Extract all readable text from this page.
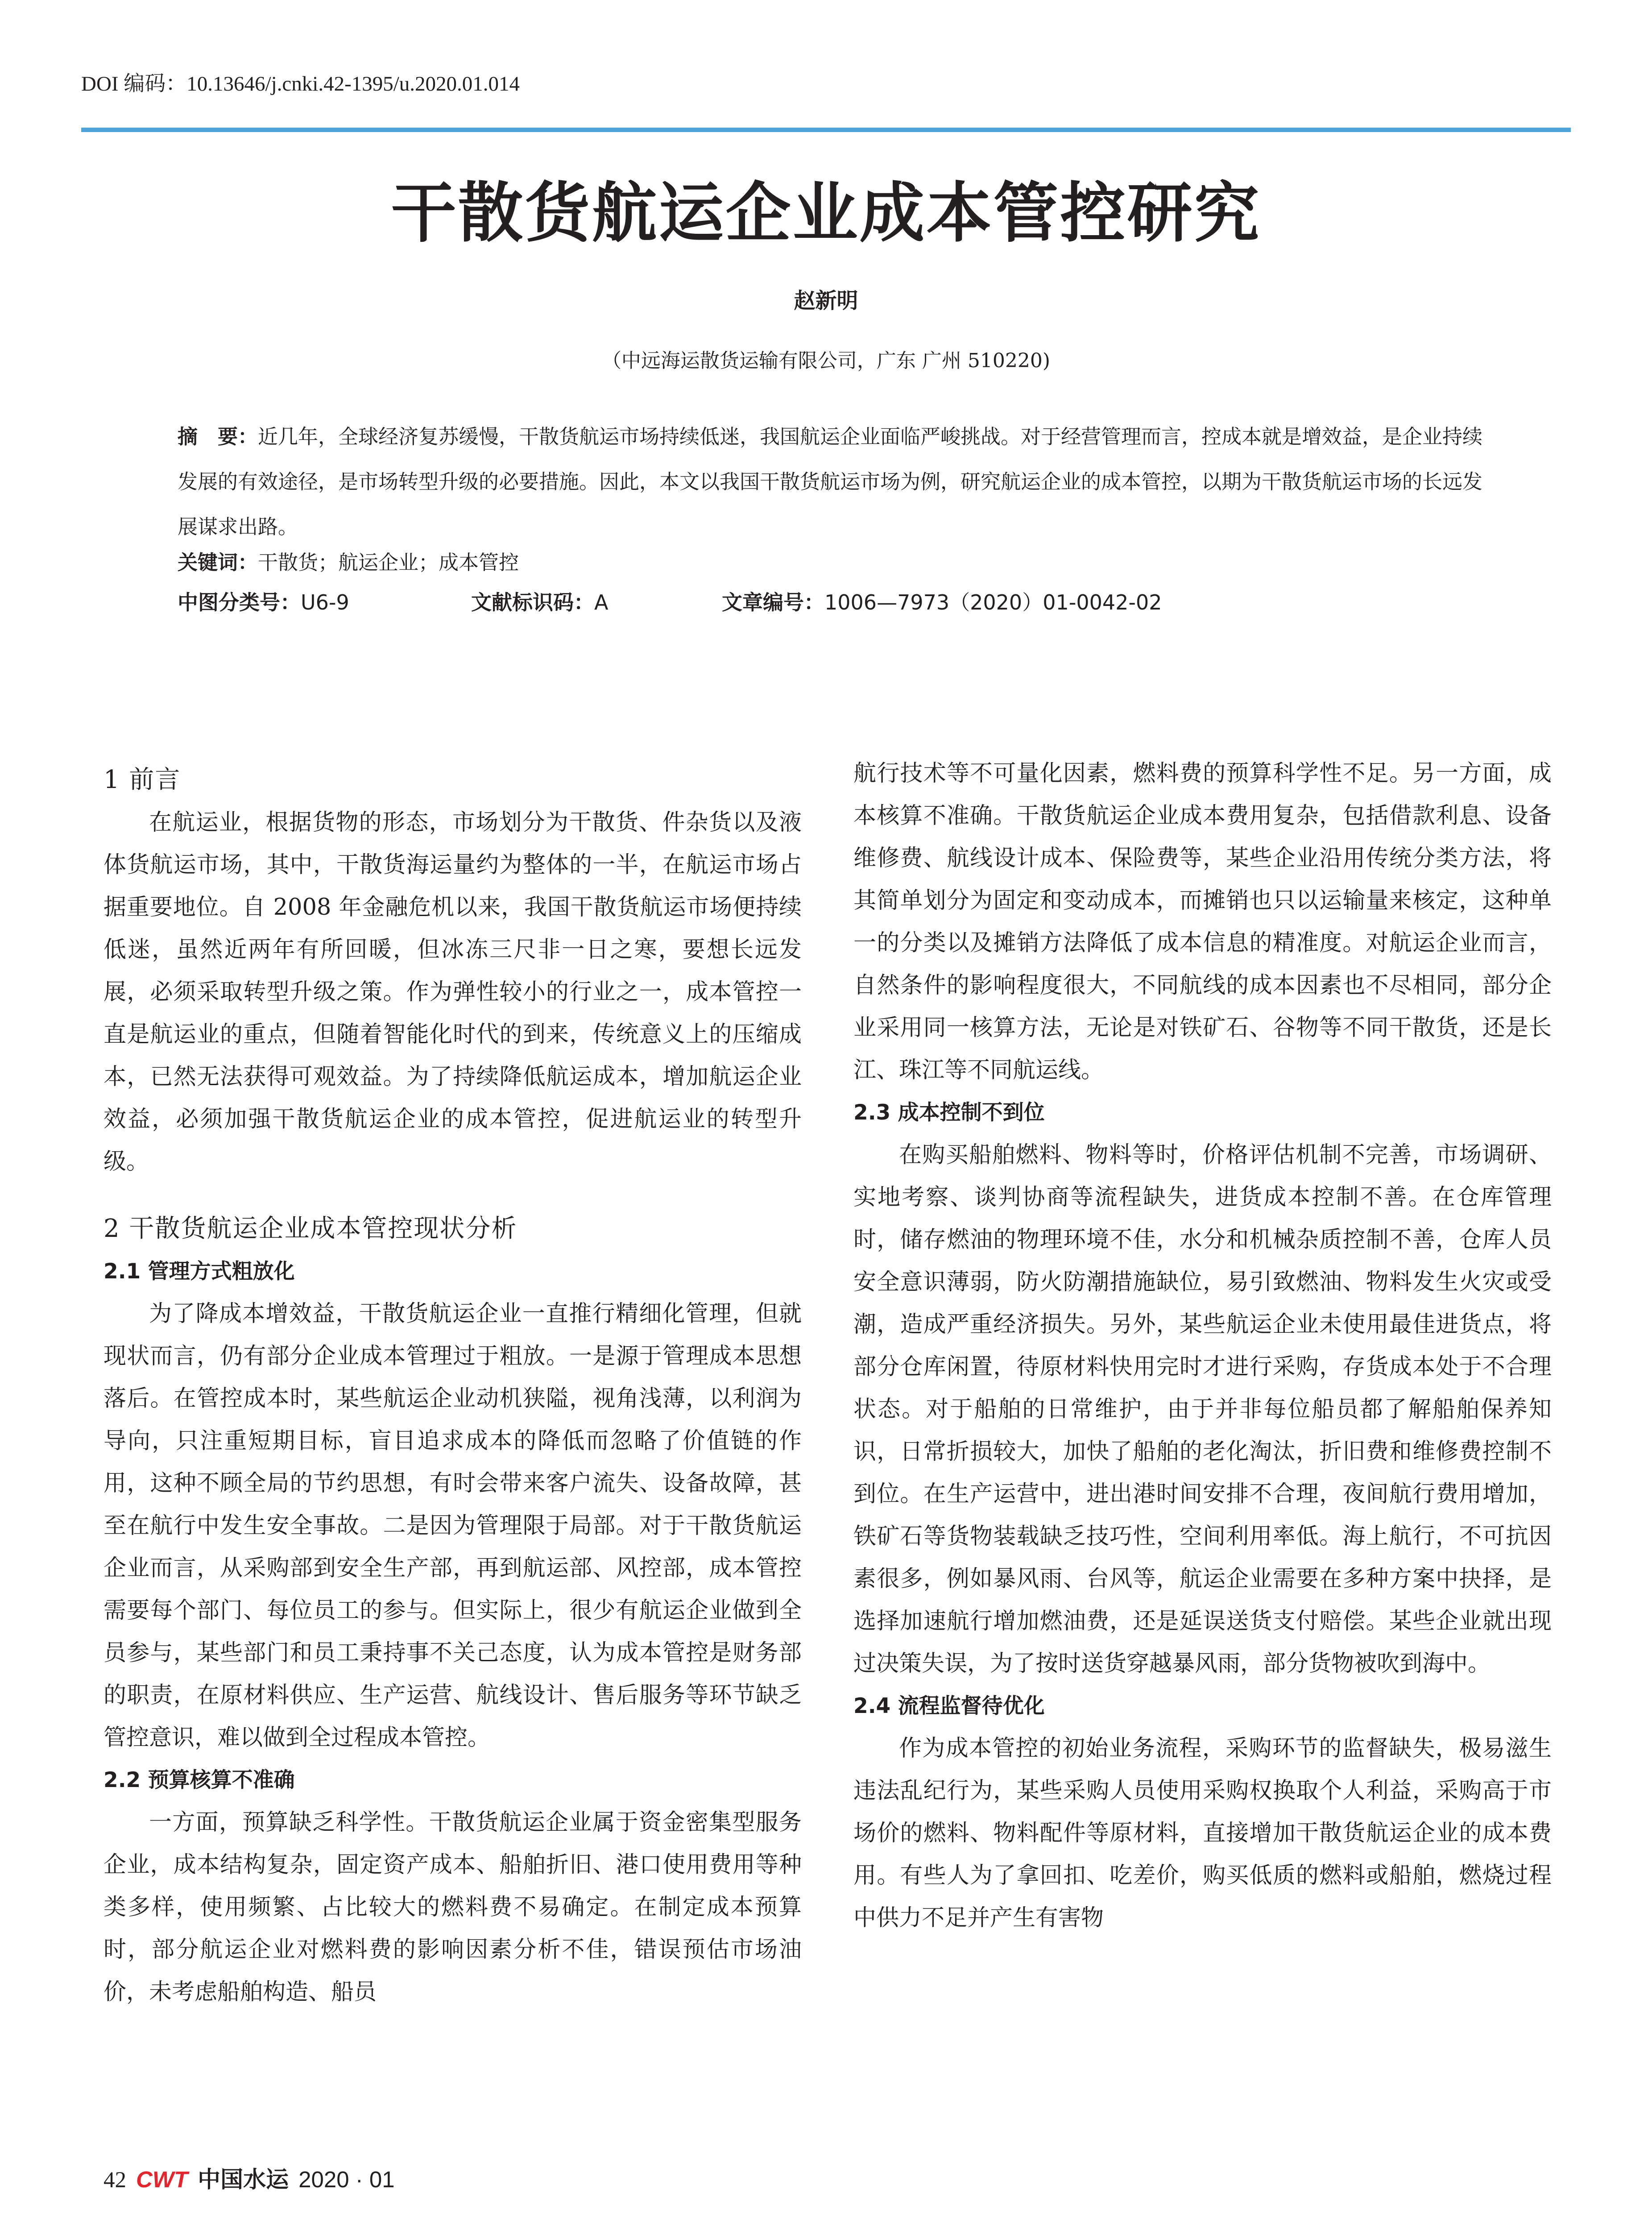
DOI 编码：10.13646/j.cnki.42-1395/u.2020.01.014
干散货航运企业成本管控研究
赵新明
（中远海运散货运输有限公司，广东 广州 510220)
摘　要：近几年，全球经济复苏缓慢，干散货航运市场持续低迷，我国航运企业面临严峻挑战。对于经营管理而言，控成本就是增效益，是企业持续发展的有效途径，是市场转型升级的必要措施。因此，本文以我国干散货航运市场为例，研究航运企业的成本管控，以期为干散货航运市场的长远发展谋求出路。
关键词：干散货；航运企业；成本管控
中图分类号：U6-9	文献标识码：A	文章编号：1006—7973（2020）01-0042-02
1 前言

在航运业，根据货物的形态，市场划分为干散货、件杂货以及液体货航运市场，其中，干散货海运量约为整体的一半，在航运市场占据重要地位。自 2008 年金融危机以来，我国干散货航运市场便持续低迷，虽然近两年有所回暖，但冰冻三尺非一日之寒，要想长远发展，必须采取转型升级之策。作为弹性较小的行业之一，成本管控一直是航运业的重点，但随着智能化时代的到来，传统意义上的压缩成本，已然无法获得可观效益。为了持续降低航运成本，增加航运企业效益，必须加强干散货航运企业的成本管控，促进航运业的转型升级。

2 干散货航运企业成本管控现状分析
2.1 管理方式粗放化

为了降成本增效益，干散货航运企业一直推行精细化管理，但就现状而言，仍有部分企业成本管理过于粗放。一是源于管理成本思想落后。在管控成本时，某些航运企业动机狭隘，视角浅薄，以利润为导向，只注重短期目标，盲目追求成本的降低而忽略了价值链的作用，这种不顾全局的节约思想，有时会带来客户流失、设备故障，甚至在航行中发生安全事故。二是因为管理限于局部。对于干散货航运企业而言，从采购部到安全生产部，再到航运部、风控部，成本管控需要每个部门、每位员工的参与。但实际上，很少有航运企业做到全员参与，某些部门和员工秉持事不关己态度，认为成本管控是财务部的职责，在原材料供应、生产运营、航线设计、售后服务等环节缺乏管控意识，难以做到全过程成本管控。

2.2 预算核算不准确

一方面，预算缺乏科学性。干散货航运企业属于资金密集型服务企业，成本结构复杂，固定资产成本、船舶折旧、港口使用费用等种类多样，使用频繁、占比较大的燃料费不易确定。在制定成本预算时，部分航运企业对燃料费的影响因素分析不佳，错误预估市场油价，未考虑船舶构造、船员

航行技术等不可量化因素，燃料费的预算科学性不足。另一方面，成本核算不准确。干散货航运企业成本费用复杂，包括借款利息、设备维修费、航线设计成本、保险费等，某些企业沿用传统分类方法，将其简单划分为固定和变动成本，而摊销也只以运输量来核定，这种单一的分类以及摊销方法降低了成本信息的精准度。对航运企业而言，自然条件的影响程度很大，不同航线的成本因素也不尽相同，部分企业采用同一核算方法，无论是对铁矿石、谷物等不同干散货，还是长江、珠江等不同航运线。

2.3 成本控制不到位

在购买船舶燃料、物料等时，价格评估机制不完善，市场调研、实地考察、谈判协商等流程缺失，进货成本控制不善。在仓库管理时，储存燃油的物理环境不佳，水分和机械杂质控制不善，仓库人员安全意识薄弱，防火防潮措施缺位，易引致燃油、物料发生火灾或受潮，造成严重经济损失。另外，某些航运企业未使用最佳进货点，将部分仓库闲置，待原材料快用完时才进行采购，存货成本处于不合理状态。对于船舶的日常维护，由于并非每位船员都了解船舶保养知识，日常折损较大，加快了船舶的老化淘汰，折旧费和维修费控制不到位。在生产运营中，进出港时间安排不合理，夜间航行费用增加，铁矿石等货物装载缺乏技巧性，空间利用率低。海上航行，不可抗因素很多，例如暴风雨、台风等，航运企业需要在多种方案中抉择，是选择加速航行增加燃油费，还是延误送货支付赔偿。某些企业就出现过决策失误，为了按时送货穿越暴风雨，部分货物被吹到海中。

2.4 流程监督待优化

作为成本管控的初始业务流程，采购环节的监督缺失，极易滋生违法乱纪行为，某些采购人员使用采购权换取个人利益，采购高于市场价的燃料、物料配件等原材料，直接增加干散货航运企业的成本费用。有些人为了拿回扣、吃差价，购买低质的燃料或船舶，燃烧过程中供力不足并产生有害物

42 CWT 中国水运 2020 · 01
